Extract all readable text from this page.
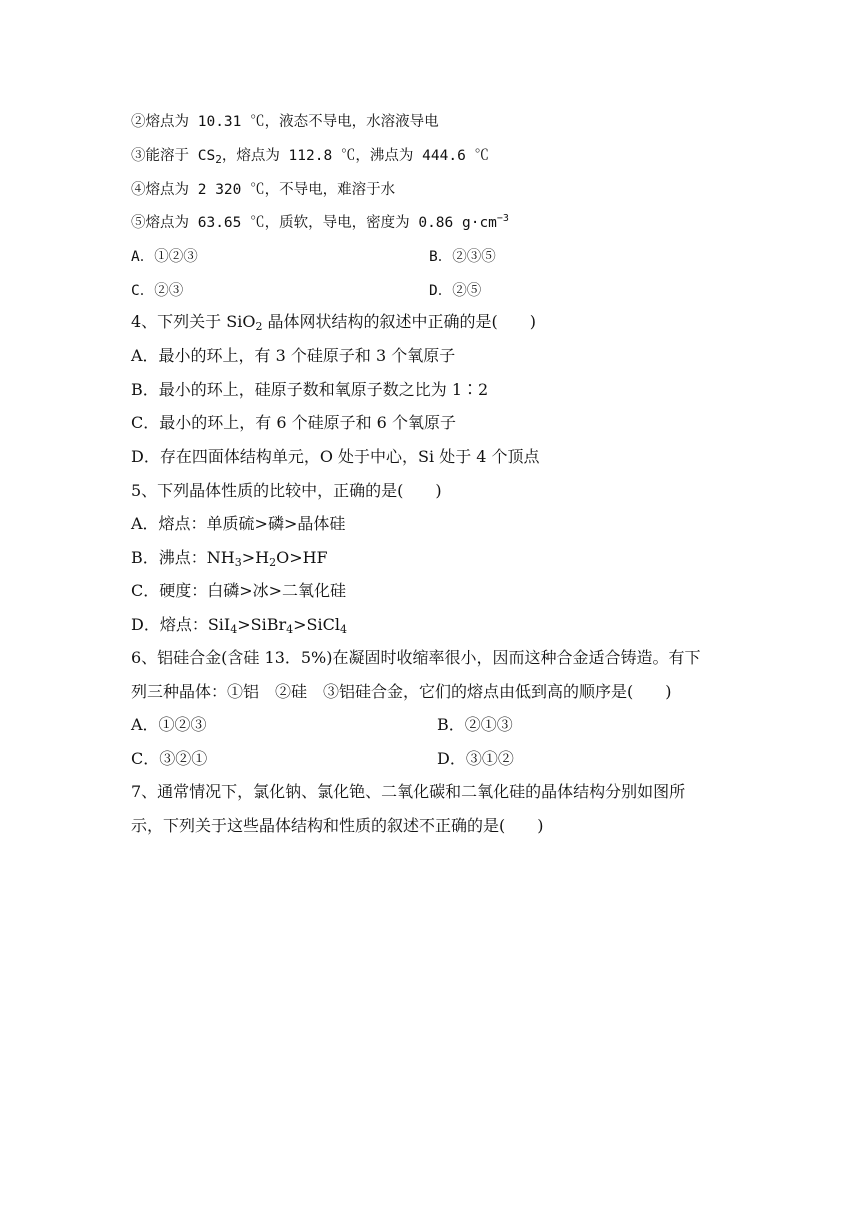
②熔点为 10.31 ℃，液态不导电，水溶液导电
③能溶于 $CS_2$，熔点为 112.8 ℃，沸点为 444.6 ℃
④熔点为 2 320 ℃，不导电，难溶于水
⑤熔点为 63.65 ℃，质软，导电，密度为 0.86 $g\cdot cm^{-3}$
A．①②③	B．②③⑤
C．②③	D．②⑤
4、下列关于 SiO$_2$ 晶体网状结构的叙述中正确的是(　　)
A．最小的环上，有 3 个硅原子和 3 个氧原子
B．最小的环上，硅原子数和氧原子数之比为 1∶2
C．最小的环上，有 6 个硅原子和 6 个氧原子
D．存在四面体结构单元，O 处于中心，Si 处于 4 个顶点
5、下列晶体性质的比较中，正确的是(　　)
A．熔点：单质硫>磷>晶体硅
B．沸点：$NH_3>H_2O>HF$
C．硬度：白磷>冰>二氧化硅
D．熔点：SiI$_4$>SiBr$_4$>SiCl$_4$
6、铝硅合金(含硅 13．5%)在凝固时收缩率很小，因而这种合金适合铸造。有下
列三种晶体：①铝　②硅　③铝硅合金，它们的熔点由低到高的顺序是(　　)
A．①②③	B．②①③
C．③②①	D．③①②
7、通常情况下，氯化钠、氯化铯、二氧化碳和二氧化硅的晶体结构分别如图所
示，下列关于这些晶体结构和性质的叙述不正确的是(　　)
